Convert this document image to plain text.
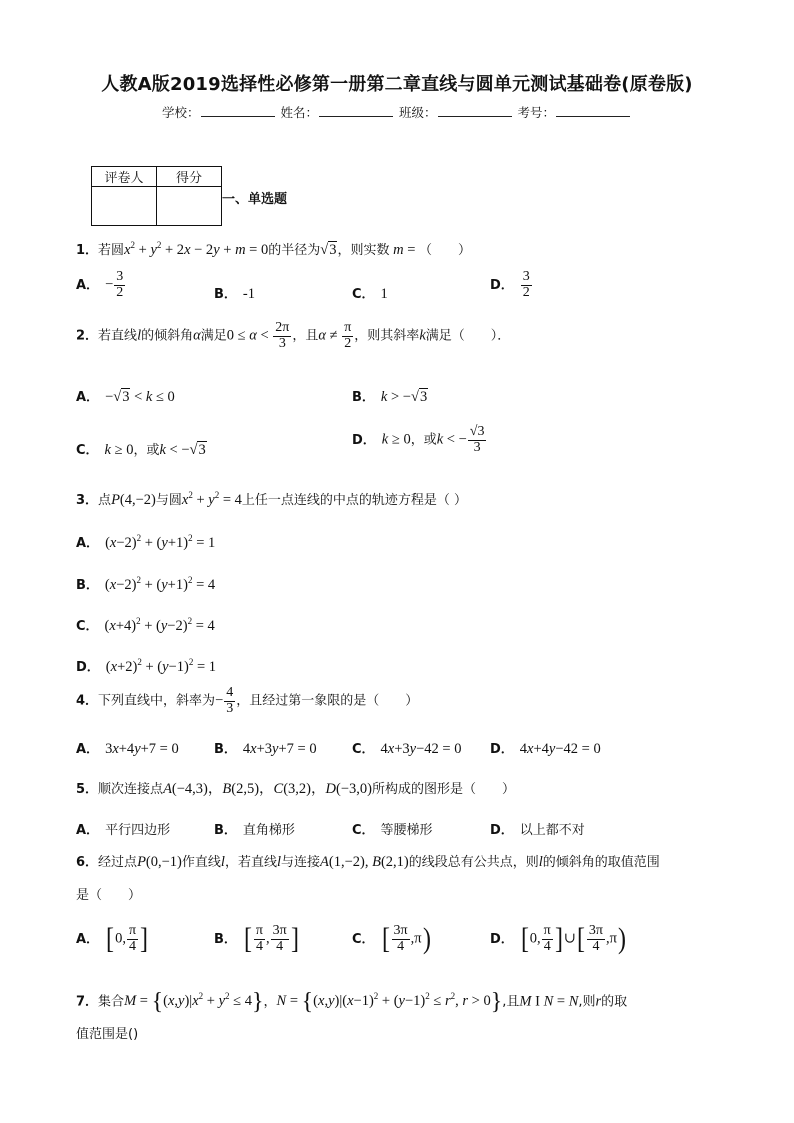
人教A版2019选择性必修第一册第二章直线与圆单元测试基础卷(原卷版)
学校：	姓名：	班级：	考号：
评卷人	得分

一、单选题
1．若圆$x^2 + y^2 + 2x - 2y + m = 0$的半径为√3，则实数 m = （　　）
A． − $\frac{3}{2}$	B． -1	C． 1
D． $\frac{3}{2}$
2．若直线l的倾斜角α满足$0 \le \alpha < \frac{2\pi}{3}$ ，且$\alpha \ne \frac{\pi}{2}$ ，则其斜率k满足（　　）．
A． −√3 < k ≤ 0	B． k > −√3
C． k ≥ 0，或k < −√3
D． k ≥ 0，或k < − $\frac{√3}{3}$
3．点P(4,−2)与圆$x^2 + y^2 = 4$上任一点连线的中点的轨迹方程是（ ）
A． $(x-2)^2 + (y+1)^2 = 1$
B． $(x-2)^2 + (y+1)^2 = 4$
C． $(x+4)^2 + (y-2)^2 = 4$
D． $(x+2)^2 + (y-1)^2 = 1$
4．下列直线中，斜率为− $\frac{4}{3}$ ，且经过第一象限的是（　　）
A． 3x+4y+7 = 0	B． 4x+3y+7 = 0	C． 4x+3y−42 = 0 D． 4x+4y−42 = 0
5．顺次连接点A(−4,3)，B(2,5)，C(3,2)，D(−3,0)所构成的图形是（　　）
A． 平行四边形	B． 直角梯形	C． 等腰梯形	D． 以上都不对
6．经过点P(0,−1)作直线l，若直线l与连接A(1,−2), B(2,1)的线段总有公共点，则l的倾斜角的取值范围
是（　　）
A． [0, $\frac{\pi}{4}$ ]	B． [ $\frac{\pi}{4}$ , $\frac{3\pi}{4}$ ]	C． [ $\frac{3\pi}{4} ,\pi$)	D． [0, $\frac{\pi}{4}$ ]∪[ $\frac{3\pi}{4} ,\pi$)
7．集合$M = \{(x,y)|x^2 + y^2 \le 4\}$，$N = \{(x,y)|(x-1)^2 + (y-1)^2 \le r^2$, r > 0},且M I N = N,则r的取
值范围是()
